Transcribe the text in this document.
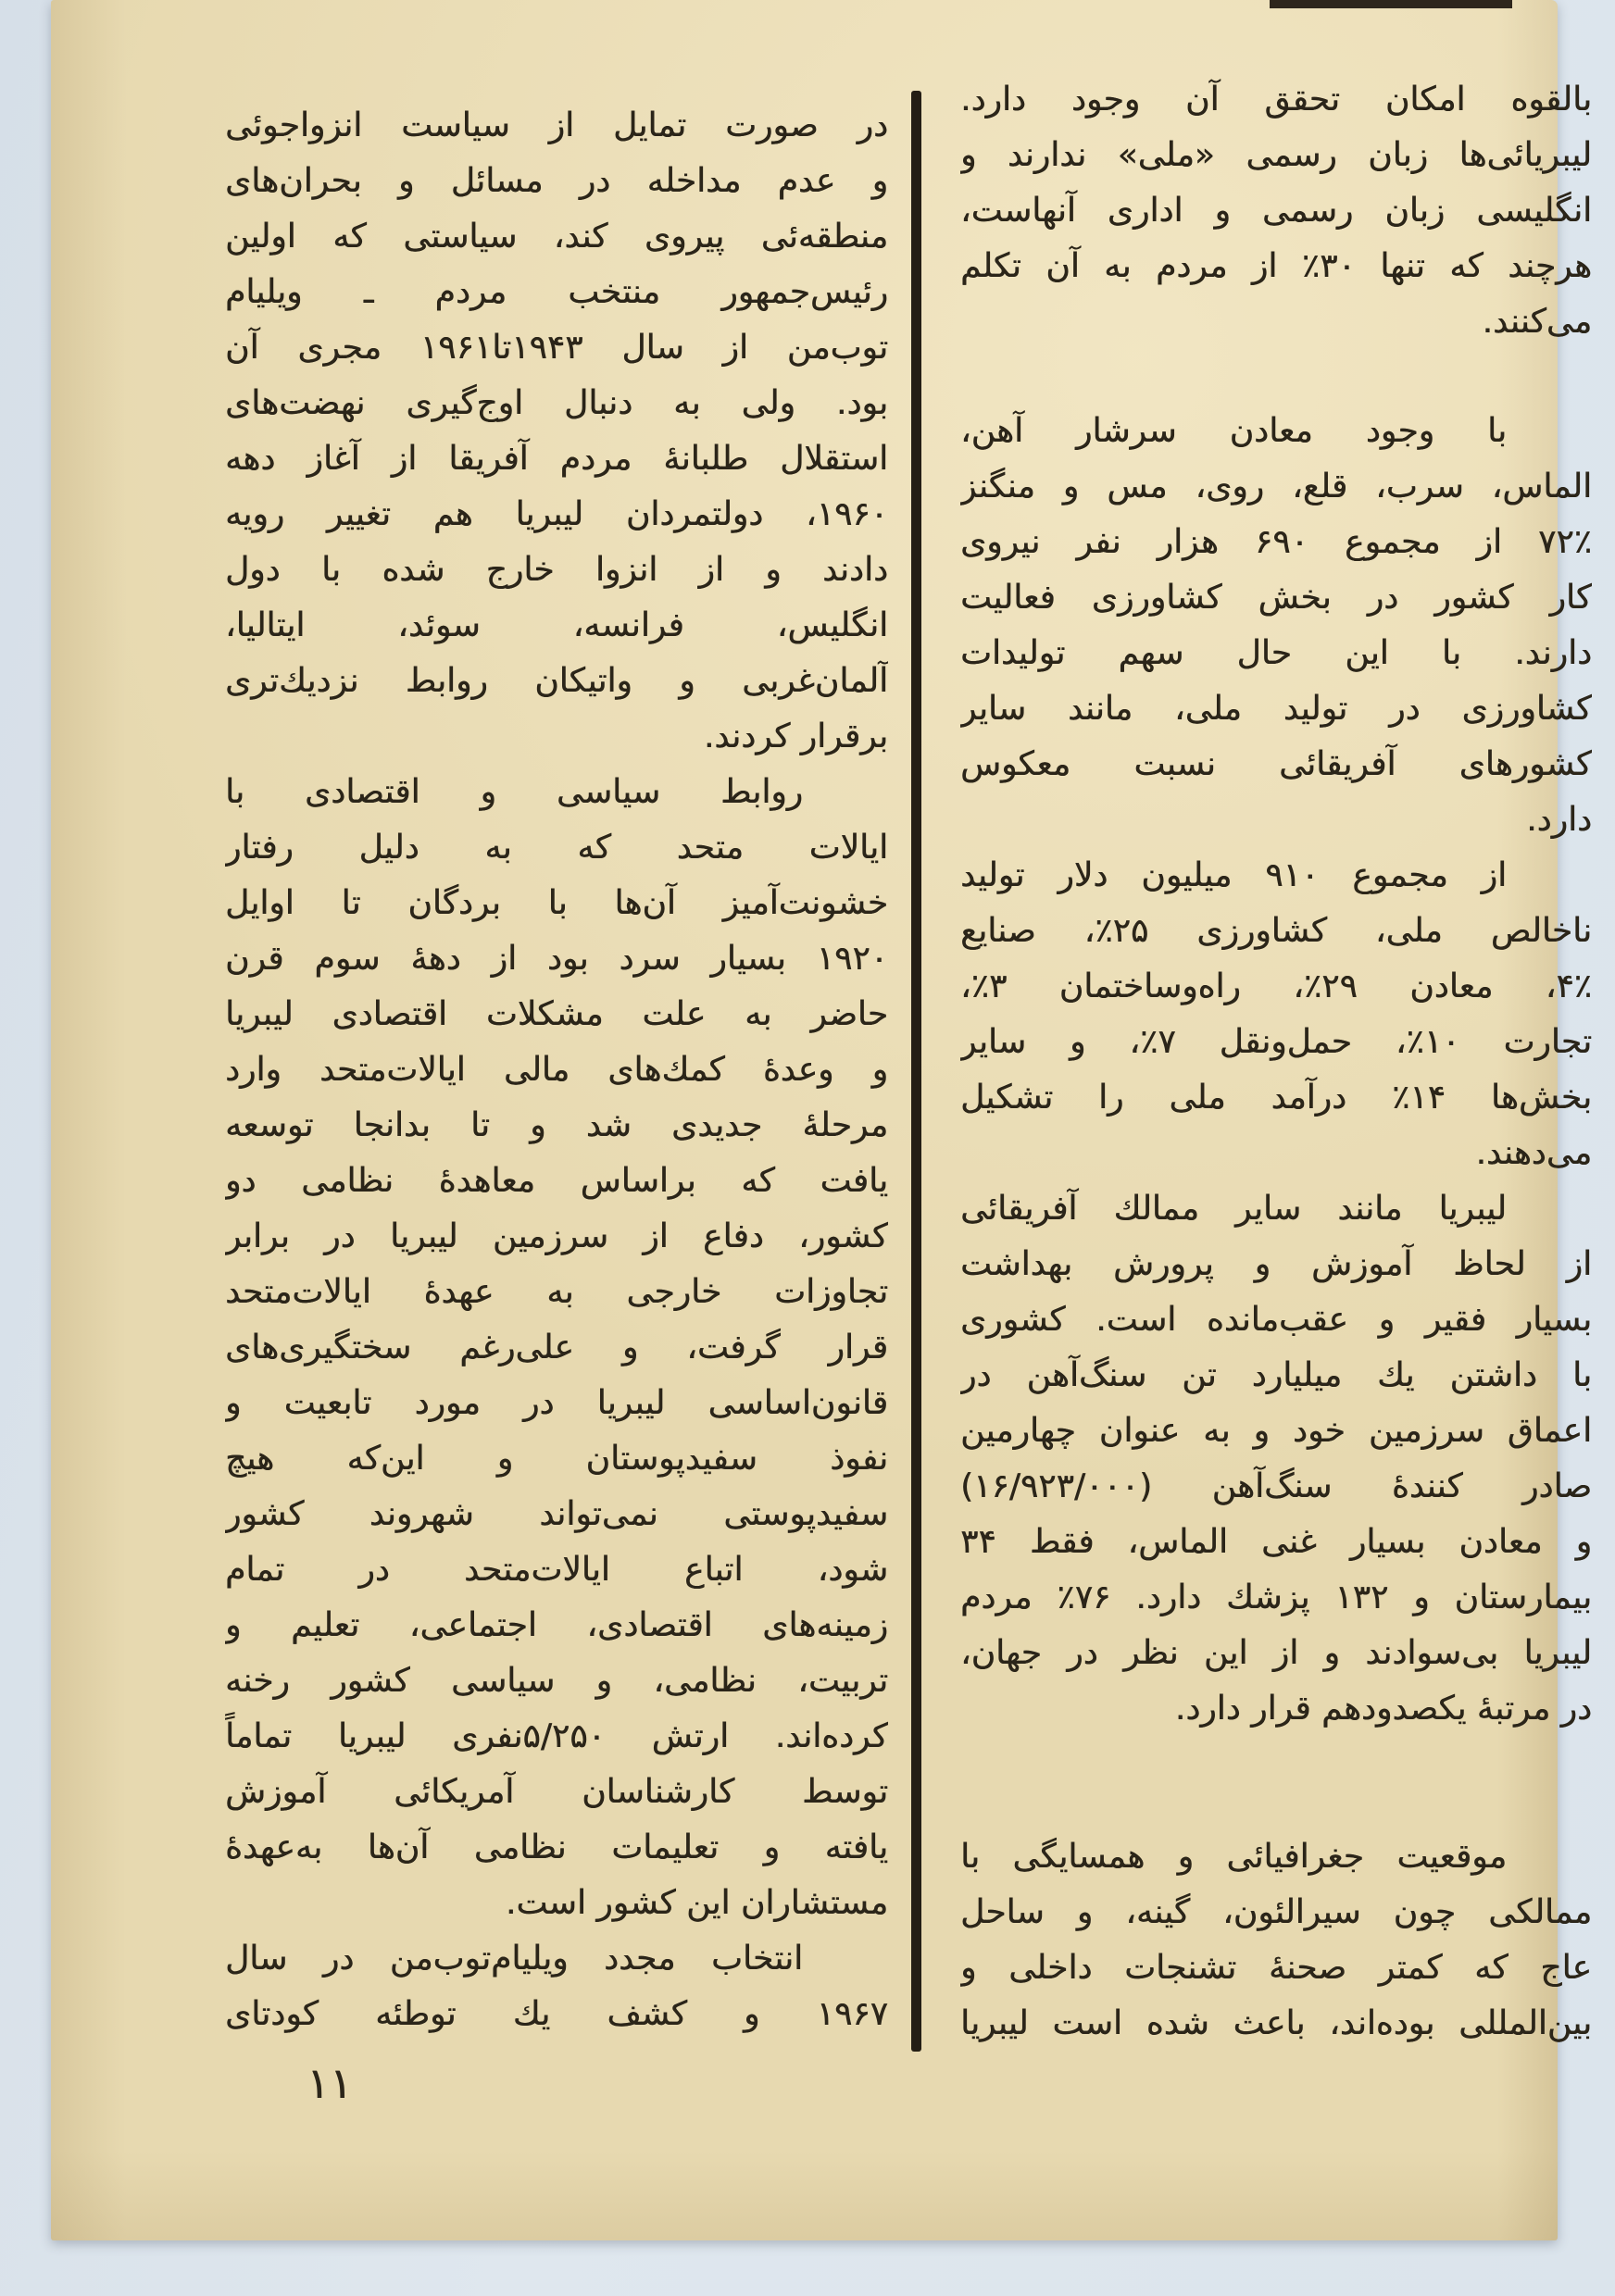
بالقوه امکان تحقق آن وجود دارد.
لیبریائی‌ها زبان رسمی «ملی» ندارند و
انگلیسی زبان رسمی و اداری آنهاست،
هرچند که تنها ۳۰٪ از مردم به آن تکلم
می‌کنند.
با وجود معادن سرشار آهن،
الماس، سرب، قلع، روی، مس و منگنز
۷۲٪ از مجموع ۶۹۰ هزار نفر نیروی
کار کشور در بخش کشاورزی فعالیت
دارند. با این حال سهم تولیدات
کشاورزی در تولید ملی، مانند سایر
کشورهای آفریقائی نسبت معکوس
دارد.
از مجموع ۹۱۰ میلیون دلار تولید
ناخالص ملی، کشاورزی ۲۵٪، صنایع
۴٪، معادن ۲۹٪، راه‌وساختمان ۳٪،
تجارت ۱۰٪، حمل‌ونقل ۷٪، و سایر
بخش‌ها ۱۴٪ درآمد ملی را تشکیل
می‌دهند.
لیبریا مانند سایر ممالك آفریقائی
از لحاظ آموزش و پرورش بهداشت
بسیار فقیر و عقب‌مانده است. کشوری
با داشتن یك میلیارد تن سنگ‌آهن در
اعماق سرزمین خود و به عنوان چهارمین
صادر کنندهٔ سنگ‌آهن (۱۶/۹۲۳/۰۰۰)
و معادن بسیار غنی الماس، فقط ۳۴
بیمارستان و ۱۳۲ پزشك دارد. ۷۶٪ مردم
لیبریا بی‌سوادند و از این نظر در جهان،
در مرتبهٔ یکصدودهم قرار دارد.
موقعیت جغرافیائی و همسایگی با
ممالکی چون سیرالئون، گینه، و ساحل
عاج که کمتر صحنهٔ تشنجات داخلی و
بین‌المللی بوده‌اند، باعث شده است لیبریا
در صورت تمایل از سیاست انزواجوئی
و عدم مداخله در مسائل و بحران‌های
منطقه‌ئی پیروی کند، سیاستی که اولین
رئیس‌جمهور منتخب مردم ـ ویلیام
توب‌من از سال ۱۹۴۳تا۱۹۶۱ مجری آن
بود. ولی به دنبال اوج‌گیری نهضت‌های
استقلال طلبانهٔ مردم آفریقا از آغاز دهه
۱۹۶۰، دولتمردان لیبریا هم تغییر رویه
دادند و از انزوا خارج شده با دول
انگلیس، فرانسه، سوئد، ایتالیا،
آلمان‌غربی و واتیکان روابط نزدیك‌تری
برقرار کردند.
روابط سیاسی و اقتصادی با
ایالات متحد که به دلیل رفتار
خشونت‌آمیز آن‌ها با بردگان تا اوایل
۱۹۲۰ بسیار سرد بود از دههٔ سوم قرن
حاضر به علت مشکلات اقتصادی لیبریا
و وعدهٔ کمك‌های مالی ایالات‌متحد وارد
مرحلهٔ جدیدی شد و تا بدانجا توسعه
یافت که براساس معاهدهٔ نظامی دو
کشور، دفاع از سرزمین لیبریا در برابر
تجاوزات خارجی به عهدهٔ ایالات‌متحد
قرار گرفت، و علی‌رغم سختگیری‌های
قانون‌اساسی لیبریا در مورد تابعیت و
نفوذ سفیدپوستان و این‌که هیچ
سفیدپوستی نمی‌تواند شهروند کشور
شود، اتباع ایالات‌متحد در تمام
زمینه‌های اقتصادی، اجتماعی، تعلیم و
تربیت، نظامی، و سیاسی کشور رخنه
کرده‌اند. ارتش ۵/۲۵۰نفری لیبریا تماماً
توسط کارشناسان آمریکائی آموزش
یافته و تعلیمات نظامی آن‌ها به‌عهدهٔ
مستشاران این کشور است.
انتخاب مجدد ویلیام‌توب‌من در سال
۱۹۶۷ و کشف یك توطئه کودتای
۱۱
